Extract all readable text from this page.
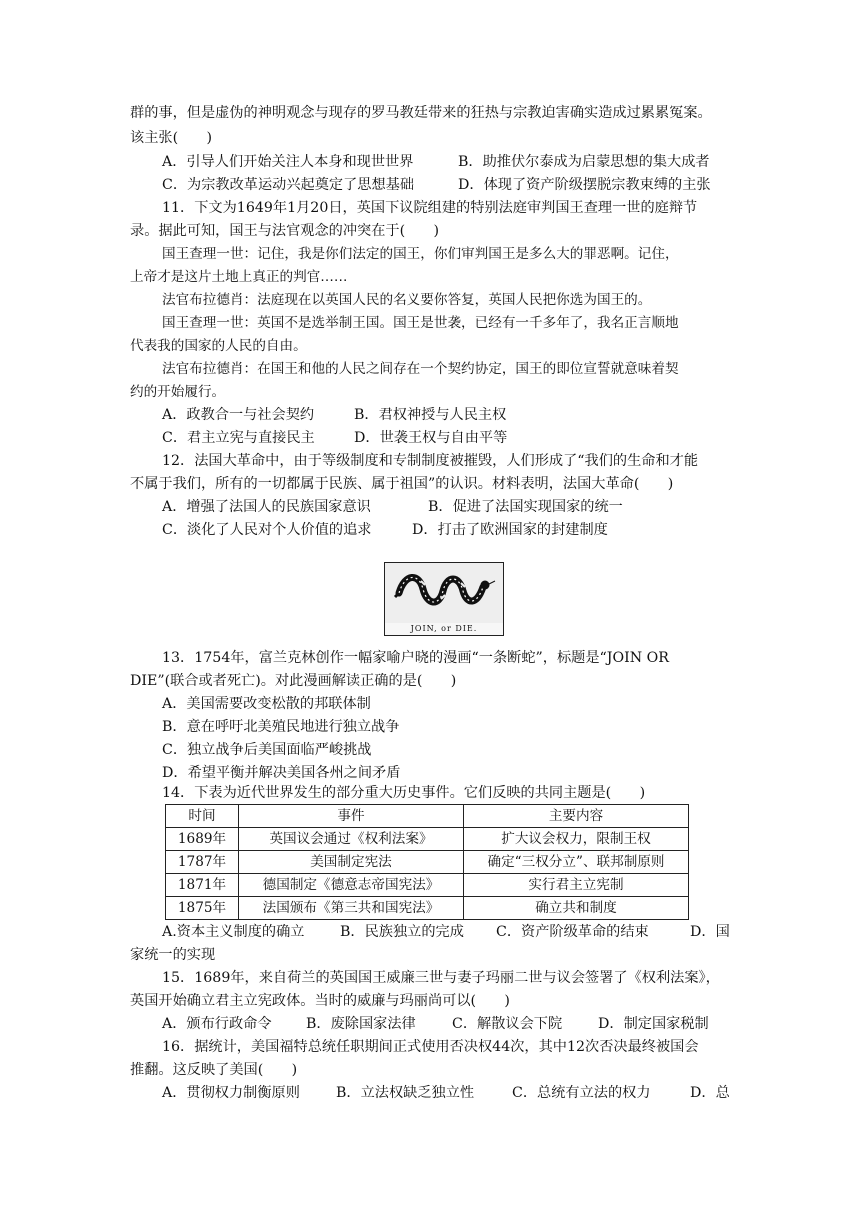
群的事，但是虚伪的神明观念与现存的罗马教廷带来的狂热与宗教迫害确实造成过累累冤案。
该主张(　　)
A．引导人们开始关注人本身和现世世界	B．助推伏尔泰成为启蒙思想的集大成者
C．为宗教改革运动兴起奠定了思想基础	D．体现了资产阶级摆脱宗教束缚的主张
11．下文为1649年1月20日，英国下议院组建的特别法庭审判国王查理一世的庭辩节
录。据此可知，国王与法官观念的冲突在于(　　)
国王查理一世：记住，我是你们法定的国王，你们审判国王是多么大的罪恶啊。记住，
上帝才是这片土地上真正的判官……
法官布拉德肖：法庭现在以英国人民的名义要你答复，英国人民把你选为国王的。
国王查理一世：英国不是选举制王国。国王是世袭，已经有一千多年了，我名正言顺地
代表我的国家的人民的自由。
法官布拉德肖：在国王和他的人民之间存在一个契约协定，国王的即位宣誓就意味着契
约的开始履行。
A．政教合一与社会契约	B．君权神授与人民主权
C．君主立宪与直接民主	D．世袭王权与自由平等
12．法国大革命中，由于等级制度和专制制度被摧毁，人们形成了“我们的生命和才能
不属于我们，所有的一切都属于民族、属于祖国”的认识。材料表明，法国大革命(　　)
A．增强了法国人的民族国家意识	B．促进了法国实现国家的统一
C．淡化了人民对个人价值的追求	D．打击了欧洲国家的封建制度
JOIN, or DIE.
13．1754年，富兰克林创作一幅家喻户晓的漫画“一条断蛇”，标题是“JOIN OR
DIE”(联合或者死亡)。对此漫画解读正确的是(　　)
A．美国需要改变松散的邦联体制
B．意在呼吁北美殖民地进行独立战争
C．独立战争后美国面临严峻挑战
D．希望平衡并解决美国各州之间矛盾
14．下表为近代世界发生的部分重大历史事件。它们反映的共同主题是(　　)
时间	事件	主要内容
1689年	英国议会通过《权利法案》	扩大议会权力，限制王权
1787年	美国制定宪法	确定“三权分立”、联邦制原则
1871年	德国制定《德意志帝国宪法》	实行君主立宪制
1875年	法国颁布《第三共和国宪法》	确立共和制度
A.资本主义制度的确立	B．民族独立的完成 C．资产阶级革命的结束	D．国
家统一的实现
15．1689年，来自荷兰的英国国王威廉三世与妻子玛丽二世与议会签署了《权利法案》，
英国开始确立君主立宪政体。当时的威廉与玛丽尚可以(　　)
A．颁布行政命令 B．废除国家法律	C．解散议会下院	D．制定国家税制
16．据统计，美国福特总统任职期间正式使用否决权44次，其中12次否决最终被国会
推翻。这反映了美国(　　)
A．贯彻权力制衡原则	B．立法权缺乏独立性	C．总统有立法的权力	D．总
